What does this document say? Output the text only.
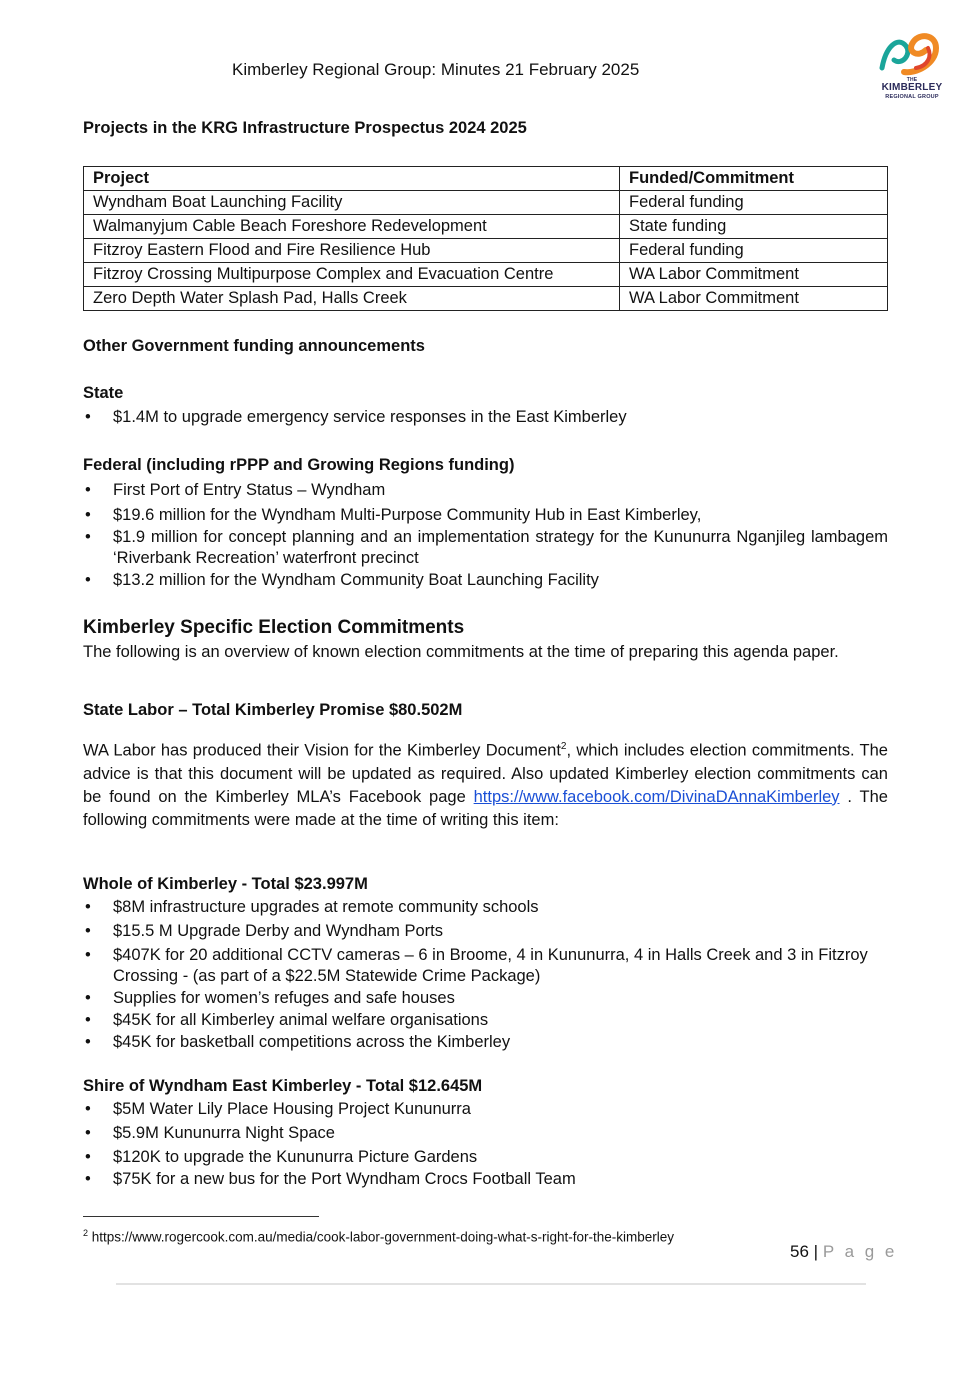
Kimberley Regional Group: Minutes 21 February 2025
THE
KIMBERLEY
REGIONAL GROUP
Projects in the KRG Infrastructure Prospectus 2024 2025
Project	Funded/Commitment
Wyndham Boat Launching Facility	Federal funding
Walmanyjum Cable Beach Foreshore Redevelopment	State funding
Fitzroy Eastern Flood and Fire Resilience Hub	Federal funding
Fitzroy Crossing Multipurpose Complex and Evacuation Centre	WA Labor Commitment
Zero Depth Water Splash Pad, Halls Creek	WA Labor Commitment
Other Government funding announcements
State
• $1.4M to upgrade emergency service responses in the East Kimberley
Federal (including rPPP and Growing Regions funding)
• First Port of Entry Status – Wyndham
• $19.6 million for the Wyndham Multi-Purpose Community Hub in East Kimberley,
• $1.9 million for concept planning and an implementation strategy for the Kununurra Nganjileg lambagem ‘Riverbank Recreation’ waterfront precinct
• $13.2 million for the Wyndham Community Boat Launching Facility
Kimberley Specific Election Commitments
The following is an overview of known election commitments at the time of preparing this agenda paper.
State Labor – Total Kimberley Promise $80.502M
WA Labor has produced their Vision for the Kimberley Document$^2$, which includes election commitments. The advice is that this document will be updated as required. Also updated Kimberley election commitments can be found on the Kimberley MLA’s Facebook page https://www.facebook.com/DivinaDAnnaKimberley . The following commitments were made at the time of writing this item:
Whole of Kimberley - Total $23.997M
• $8M infrastructure upgrades at remote community schools
• $15.5 M Upgrade Derby and Wyndham Ports
• $407K for 20 additional CCTV cameras – 6 in Broome, 4 in Kununurra, 4 in Halls Creek and 3 in Fitzroy Crossing - (as part of a $22.5M Statewide Crime Package)
• Supplies for women’s refuges and safe houses
• $45K for all Kimberley animal welfare organisations
• $45K for basketball competitions across the Kimberley
Shire of Wyndham East Kimberley - Total $12.645M
• $5M Water Lily Place Housing Project Kununurra
• $5.9M Kununurra Night Space
• $120K to upgrade the Kununurra Picture Gardens
• $75K for a new bus for the Port Wyndham Crocs Football Team
$^2$ https://www.rogercook.com.au/media/cook-labor-government-doing-what-s-right-for-the-kimberley
56 | P a g e
